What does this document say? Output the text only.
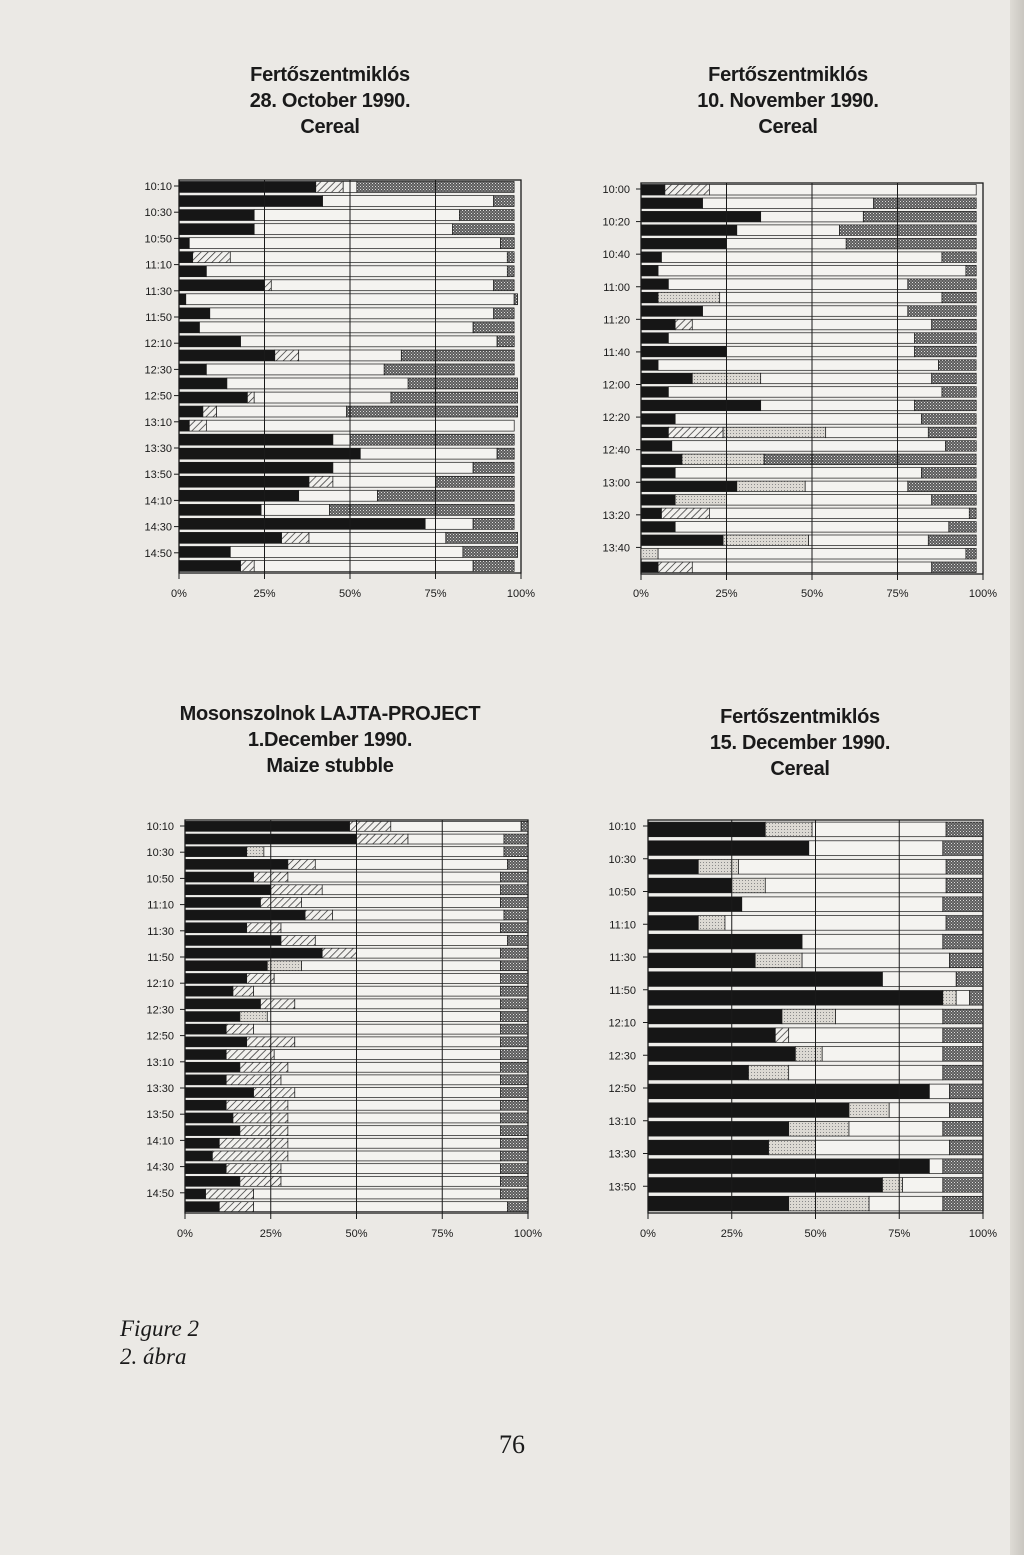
Fertőszentmiklós
28. October 1990.
Cereal
Fertőszentmiklós
10. November 1990.
Cereal
Mosonszolnok LAJTA-PROJECT
1.December 1990.
Maize stubble
Fertőszentmiklós
15. December 1990.
Cereal
10:10
10:30
10:50
11:10
11:30
11:50
12:10
12:30
12:50
13:10
13:30
13:50
14:10
14:30
14:50
0%	25%	50%	75%	100%
10:00
10:20
10:40
11:00
11:20
11:40
12:00
12:20
12:40
13:00
13:20
13:40
0%	25%	50%	75%	100%
10:10
10:30
10:50
11:10
11:30
11:50
12:10
12:30
12:50
13:10
13:30
13:50
14:10
14:30
14:50
0%	25%	50%	75%	100%
10:10
10:30
10:50
11:10
11:30
11:50
12:10
12:30
12:50
13:10
13:30
13:50
0%	25%	50%	75%	100%
Figure 2
2. ábra
76
